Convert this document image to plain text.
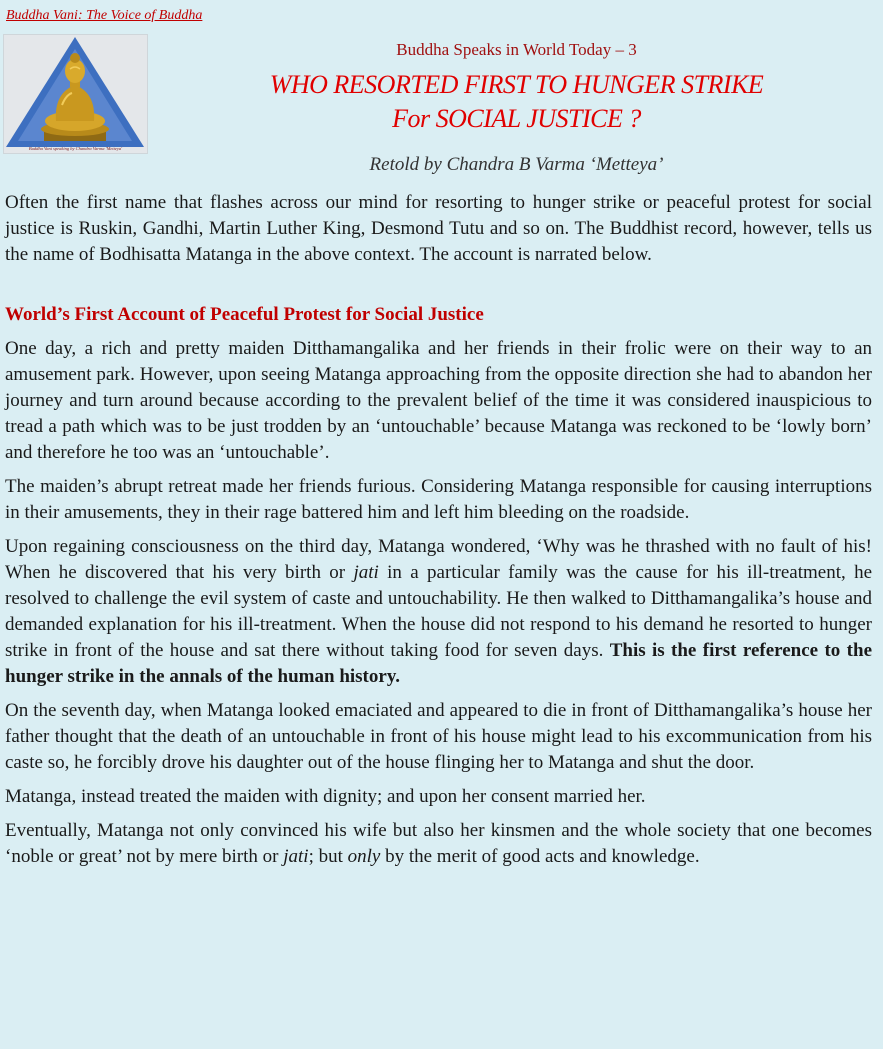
Buddha Vani: The Voice of Buddha
Buddha Vani speaking by Chandra Varma 'Metteya'
Buddha Speaks in World Today – 3
WHO RESORTED FIRST TO HUNGER STRIKE
For SOCIAL JUSTICE ?
Retold by Chandra B Varma ‘Metteya’

Often the first name that flashes across our mind for resorting to hunger strike or peaceful protest for social justice is Ruskin, Gandhi, Martin Luther King, Desmond Tutu and so on. The Buddhist record, however, tells us the name of Bodhisatta Matanga in the above context. The account is narrated below.

World’s First Account of Peaceful Protest for Social Justice

One day, a rich and pretty maiden Ditthamangalika and her friends in their frolic were on their way to an amusement park. However, upon seeing Matanga approaching from the opposite direction she had to abandon her journey and turn around because according to the prevalent belief of the time it was considered inauspicious to tread a path which was to be just trodden by an ‘untouchable’ because Matanga was reckoned to be ‘lowly born’ and therefore he too was an ‘untouchable’.

The maiden’s abrupt retreat made her friends furious. Considering Matanga responsible for causing interruptions in their amusements, they in their rage battered him and left him bleeding on the roadside.

Upon regaining consciousness on the third day, Matanga wondered, ‘Why was he thrashed with no fault of his! When he discovered that his very birth or jati in a particular family was the cause for his ill-treatment, he resolved to challenge the evil system of caste and untouchability. He then walked to Ditthamangalika’s house and demanded explanation for his ill-treatment. When the house did not respond to his demand he resorted to hunger strike in front of the house and sat there without taking food for seven days. This is the first reference to the hunger strike in the annals of the human history.

On the seventh day, when Matanga looked emaciated and appeared to die in front of Ditthamangalika’s house her father thought that the death of an untouchable in front of his house might lead to his excommunication from his caste so, he forcibly drove his daughter out of the house flinging her to Matanga and shut the door.

Matanga, instead treated the maiden with dignity; and upon her consent married her.

Eventually, Matanga not only convinced his wife but also her kinsmen and the whole society that one becomes ‘noble or great’ not by mere birth or jati; but only by the merit of good acts and knowledge.
